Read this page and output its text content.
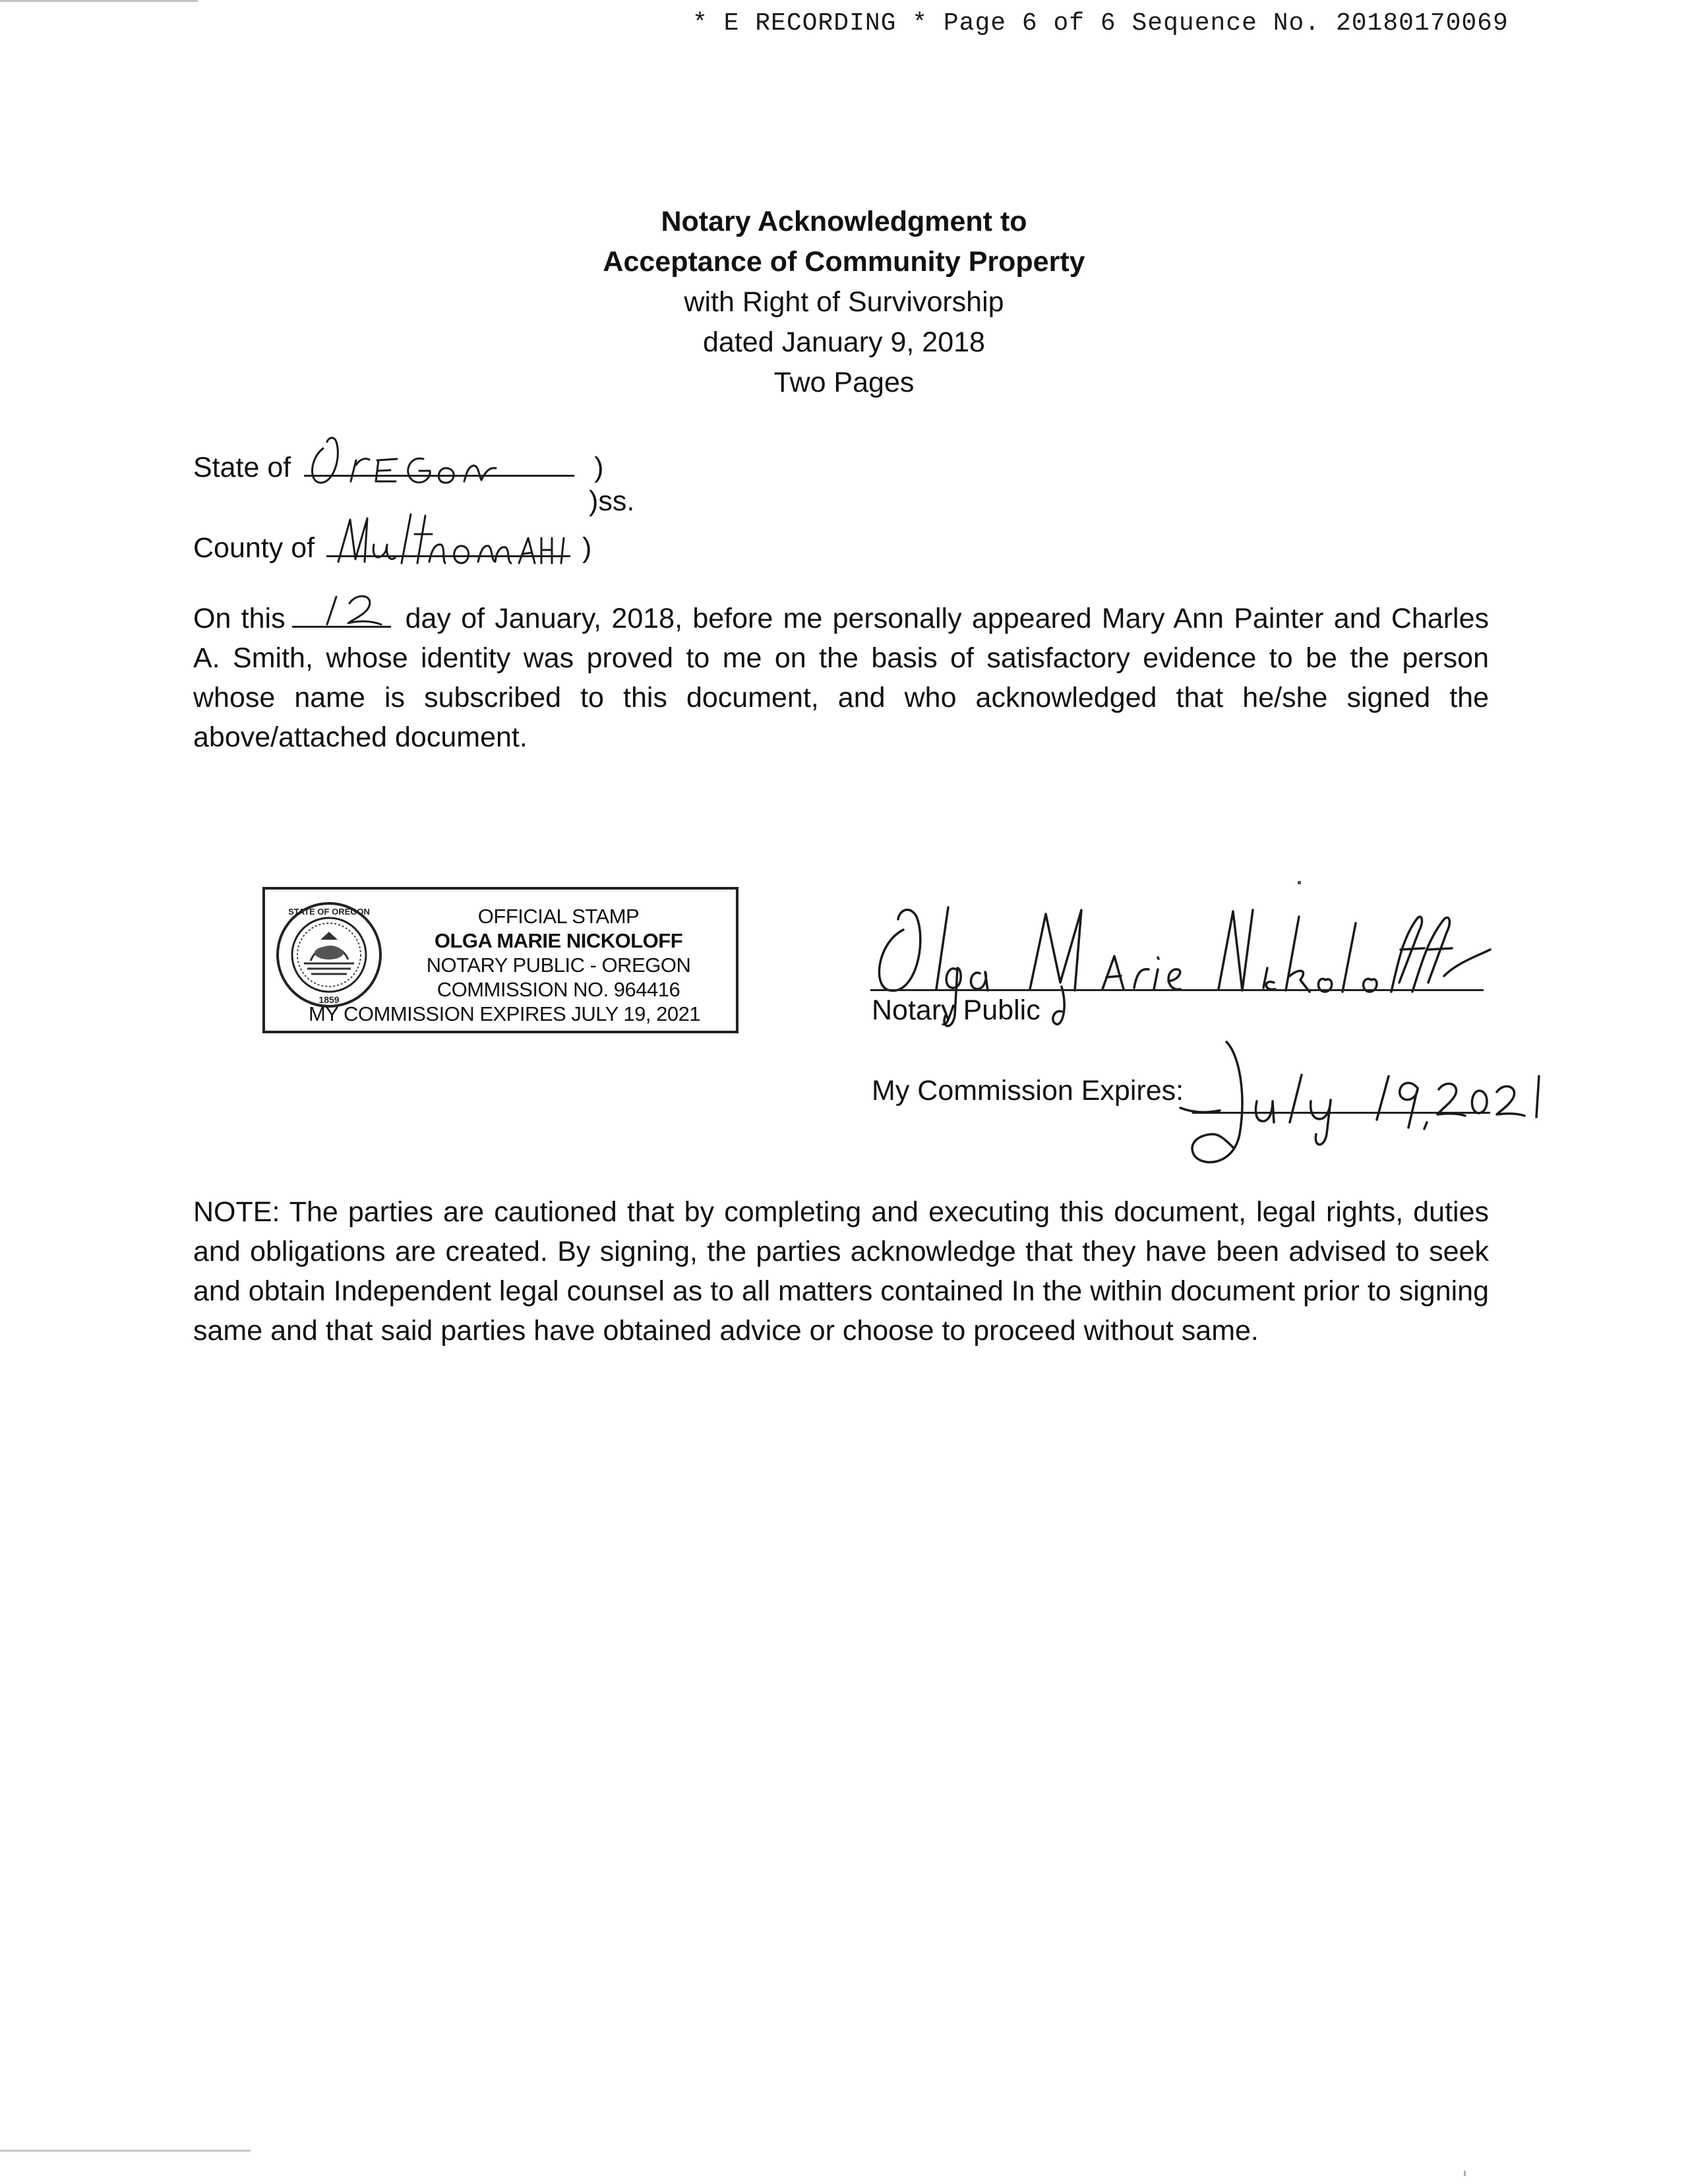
* E RECORDING * Page 6 of 6 Sequence No. 20180170069
Notary Acknowledgment to
Acceptance of Community Property
with Right of Survivorship
dated January 9, 2018
Two Pages
State of	)
)ss.
County of	)
On this	day of January, 2018, before me personally appeared Mary Ann Painter and Charles A. Smith, whose identity was proved to me on the basis of satisfactory evidence to be the person whose name is subscribed to this document, and who acknowledged that he/she signed the above/attached document.
STATE OF OREGON
1859
OFFICIAL STAMP
OLGA MARIE NICKOLOFF
NOTARY PUBLIC - OREGON
COMMISSION NO. 964416
MY COMMISSION EXPIRES JULY 19, 2021	Notary Public
My Commission Expires:
NOTE: The parties are cautioned that by completing and executing this document, legal rights, duties and obligations are created. By signing, the parties acknowledge that they have been advised to seek and obtain Independent legal counsel as to all matters contained In the within document prior to signing same and that said parties have obtained advice or choose to proceed without same.
